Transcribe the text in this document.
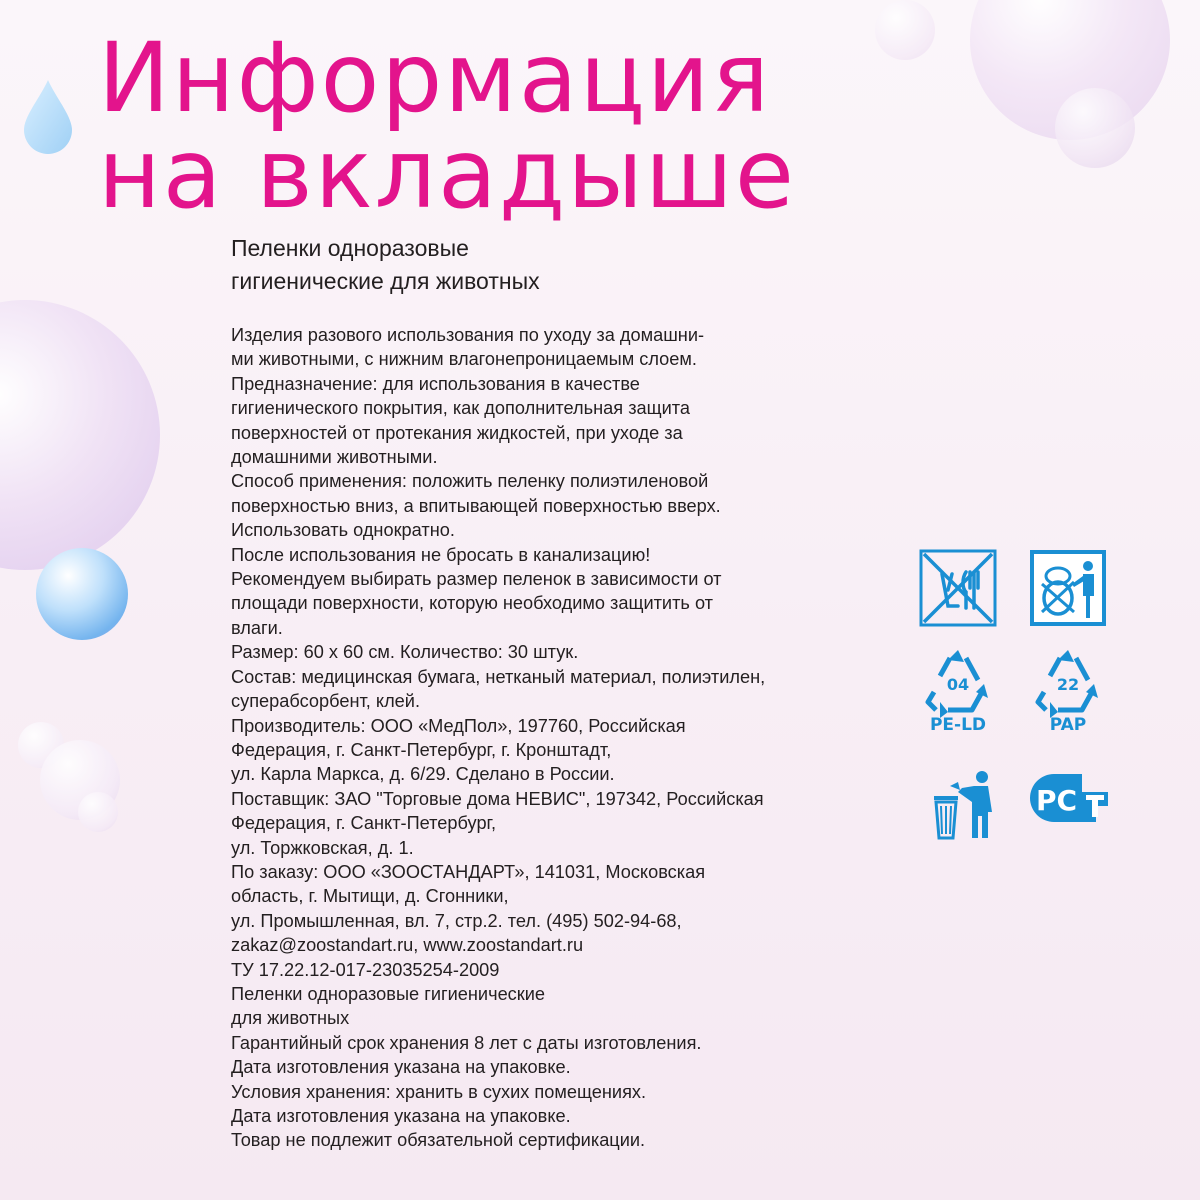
Информация
на вкладыше
Пеленки одноразовые
гигиенические для животных
Изделия разового использования по уходу за домашни-
ми животными, с нижним влагонепроницаемым слоем.
Предназначение: для использования в качестве
гигиенического покрытия, как дополнительная защита
поверхностей от протекания жидкостей, при уходе за
домашними животными.
Способ применения: положить пеленку полиэтиленовой
поверхностью вниз, а впитывающей поверхностью вверх.
Использовать однократно.
После использования не бросать в канализацию!
Рекомендуем выбирать размер пеленок в зависимости от
площади поверхности, которую необходимо защитить от
влаги.
Размер: 60 х 60 см. Количество: 30 штук.
Состав: медицинская бумага, нетканый материал, полиэтилен,
суперабсорбент, клей.
Производитель: ООО «МедПол», 197760, Российская
Федерация, г. Санкт-Петербург, г. Кронштадт,
ул. Карла Маркса, д. 6/29. Сделано в России.
Поставщик: ЗАО "Торговые дома НЕВИС", 197342, Российская
Федерация, г. Санкт-Петербург,
ул. Торжковская, д. 1.
По заказу: ООО «ЗООСТАНДАРТ», 141031, Московская
область, г. Мытищи, д. Сгонники,
ул. Промышленная, вл. 7, стр.2. тел. (495) 502-94-68,
zakaz@zoostandart.ru, www.zoostandart.ru
ТУ 17.22.12-017-23035254-2009
Пеленки одноразовые гигиенические
для животных
Гарантийный срок хранения 8 лет с даты изготовления.
Дата изготовления указана на упаковке.
Условия хранения: хранить в сухих помещениях.
Дата изготовления указана на упаковке.
Товар не подлежит обязательной сертификации.
04
PE-LD
22
PAP
РС
